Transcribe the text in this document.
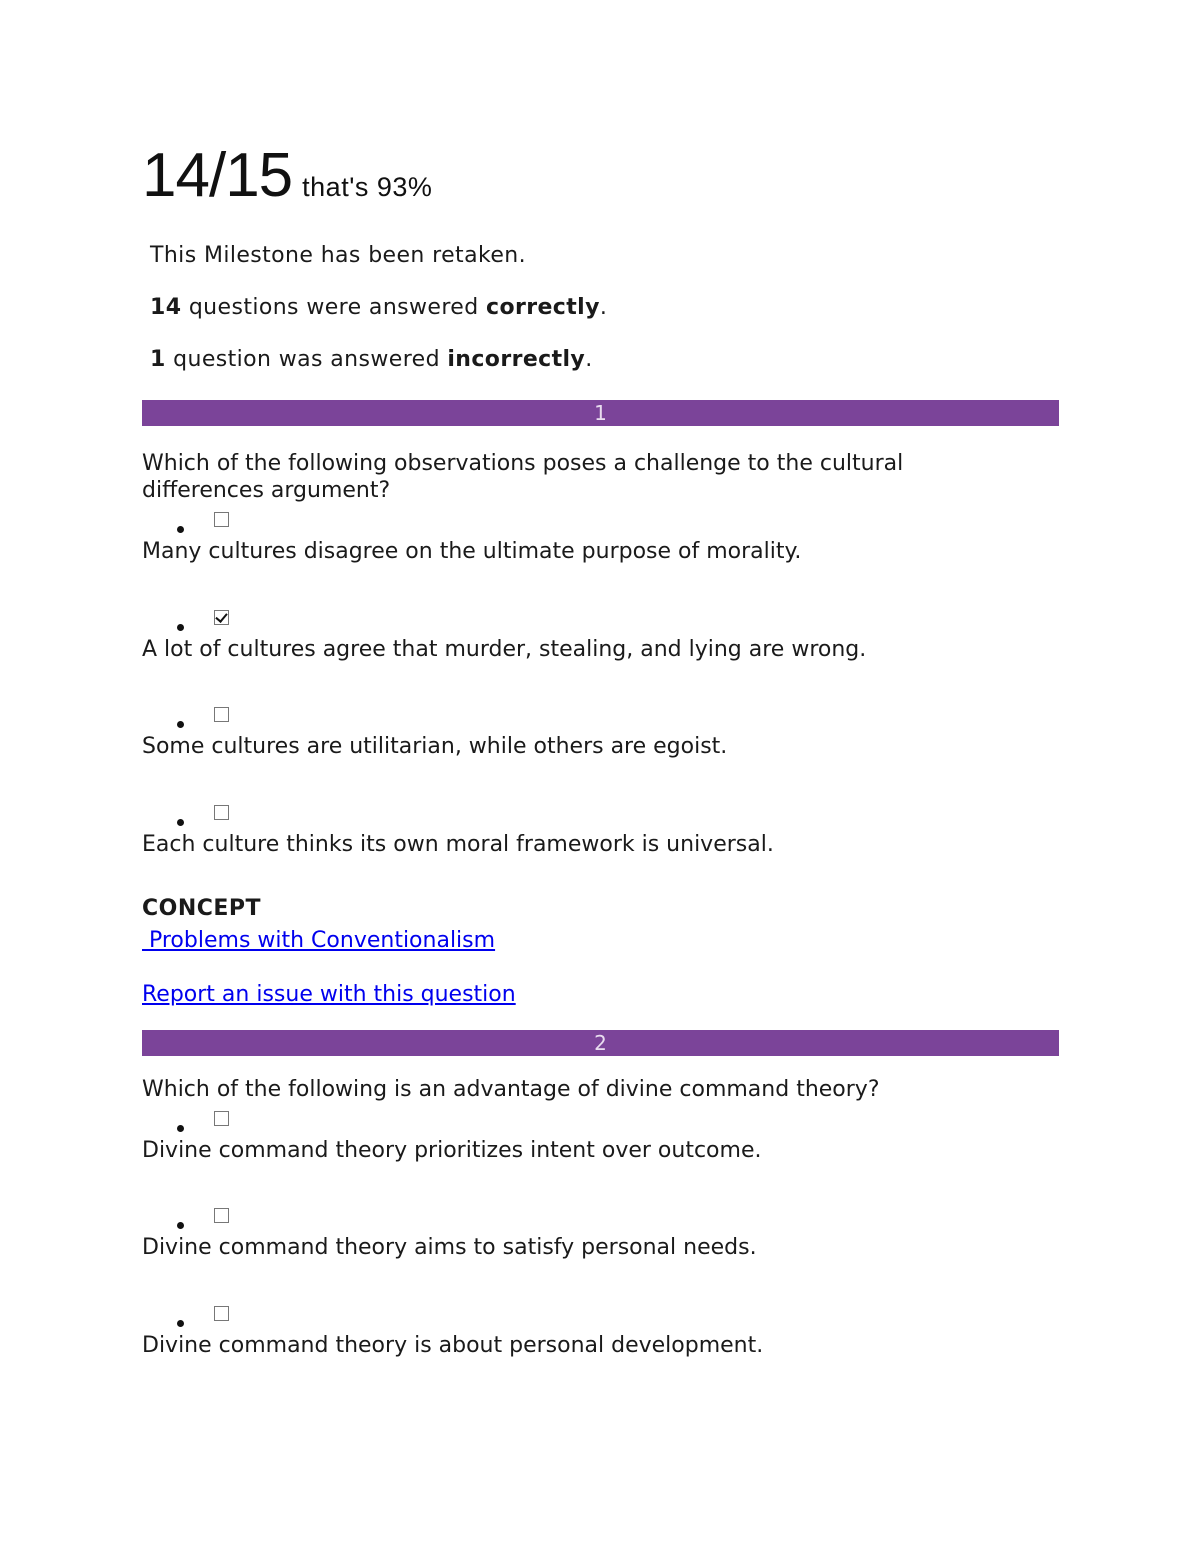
14/15 that's 93%
This Milestone has been retaken.
14 questions were answered correctly.
1 question was answered incorrectly.
1
Which of the following observations poses a challenge to the cultural differences argument?
Many cultures disagree on the ultimate purpose of morality.
A lot of cultures agree that murder, stealing, and lying are wrong.
Some cultures are utilitarian, while others are egoist.
Each culture thinks its own moral framework is universal.
CONCEPT
Problems with Conventionalism
Report an issue with this question
2
Which of the following is an advantage of divine command theory?
Divine command theory prioritizes intent over outcome.
Divine command theory aims to satisfy personal needs.
Divine command theory is about personal development.
